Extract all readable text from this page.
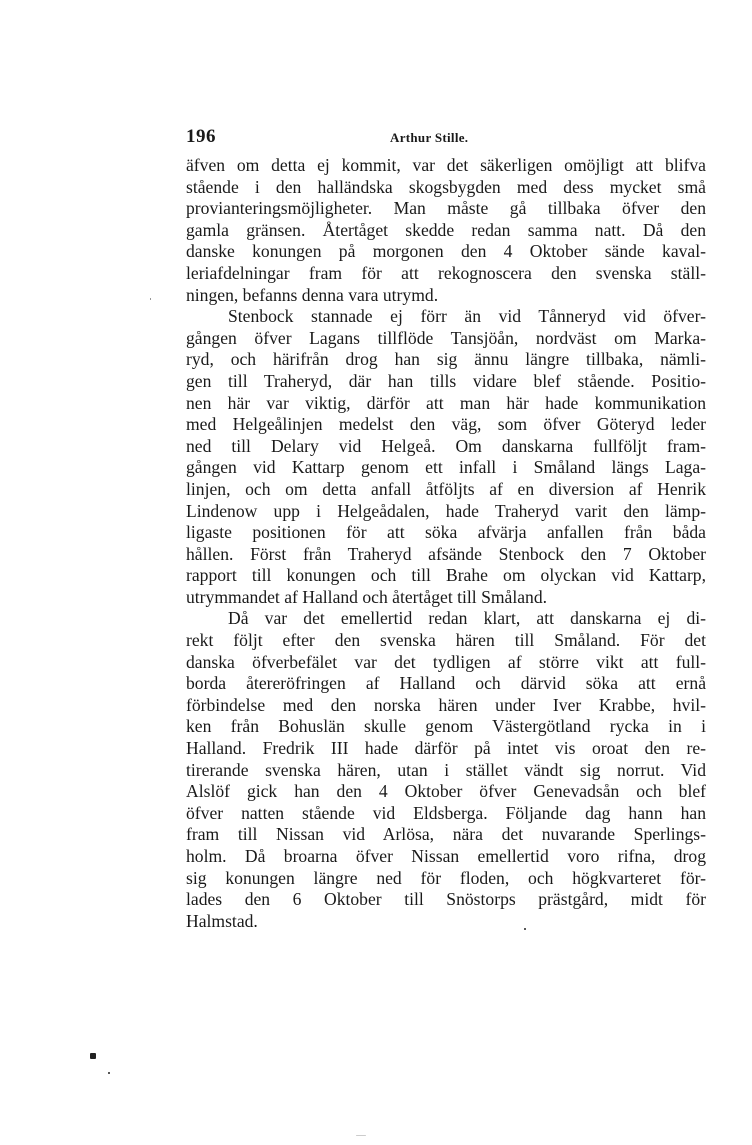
196	Arthur Stille.
äfven om detta ej kommit, var det säkerligen omöjligt att blifva
stående i den halländska skogsbygden med dess mycket små
provianteringsmöjligheter. Man måste gå tillbaka öfver den
gamla gränsen. Återtåget skedde redan samma natt. Då den
danske konungen på morgonen den 4 Oktober sände kaval-
leriafdelningar fram för att rekognoscera den svenska ställ-
ningen, befanns denna vara utrymd.
Stenbock stannade ej förr än vid Tånneryd vid öfver-
gången öfver Lagans tillflöde Tansjöån, nordväst om Marka-
ryd, och härifrån drog han sig ännu längre tillbaka, nämli-
gen till Traheryd, där han tills vidare blef stående. Positio-
nen här var viktig, därför att man här hade kommunikation
med Helgeålinjen medelst den väg, som öfver Göteryd leder
ned till Delary vid Helgeå. Om danskarna fullföljt fram-
gången vid Kattarp genom ett infall i Småland längs Laga-
linjen, och om detta anfall åtföljts af en diversion af Henrik
Lindenow upp i Helgeådalen, hade Traheryd varit den lämp-
ligaste positionen för att söka afvärja anfallen från båda
hållen. Först från Traheryd afsände Stenbock den 7 Oktober
rapport till konungen och till Brahe om olyckan vid Kattarp,
utrymmandet af Halland och återtåget till Småland.
Då var det emellertid redan klart, att danskarna ej di-
rekt följt efter den svenska hären till Småland. För det
danska öfverbefälet var det tydligen af större vikt att full-
borda återeröfringen af Halland och därvid söka att ernå
förbindelse med den norska hären under Iver Krabbe, hvil-
ken från Bohuslän skulle genom Västergötland rycka in i
Halland. Fredrik III hade därför på intet vis oroat den re-
tirerande svenska hären, utan i stället vändt sig norrut. Vid
Alslöf gick han den 4 Oktober öfver Genevadsån och blef
öfver natten stående vid Eldsberga. Följande dag hann han
fram till Nissan vid Arlösa, nära det nuvarande Sperlings-
holm. Då broarna öfver Nissan emellertid voro rifna, drog
sig konungen längre ned för floden, och högkvarteret för-
lades den 6 Oktober till Snöstorps prästgård, midt för
Halmstad.
